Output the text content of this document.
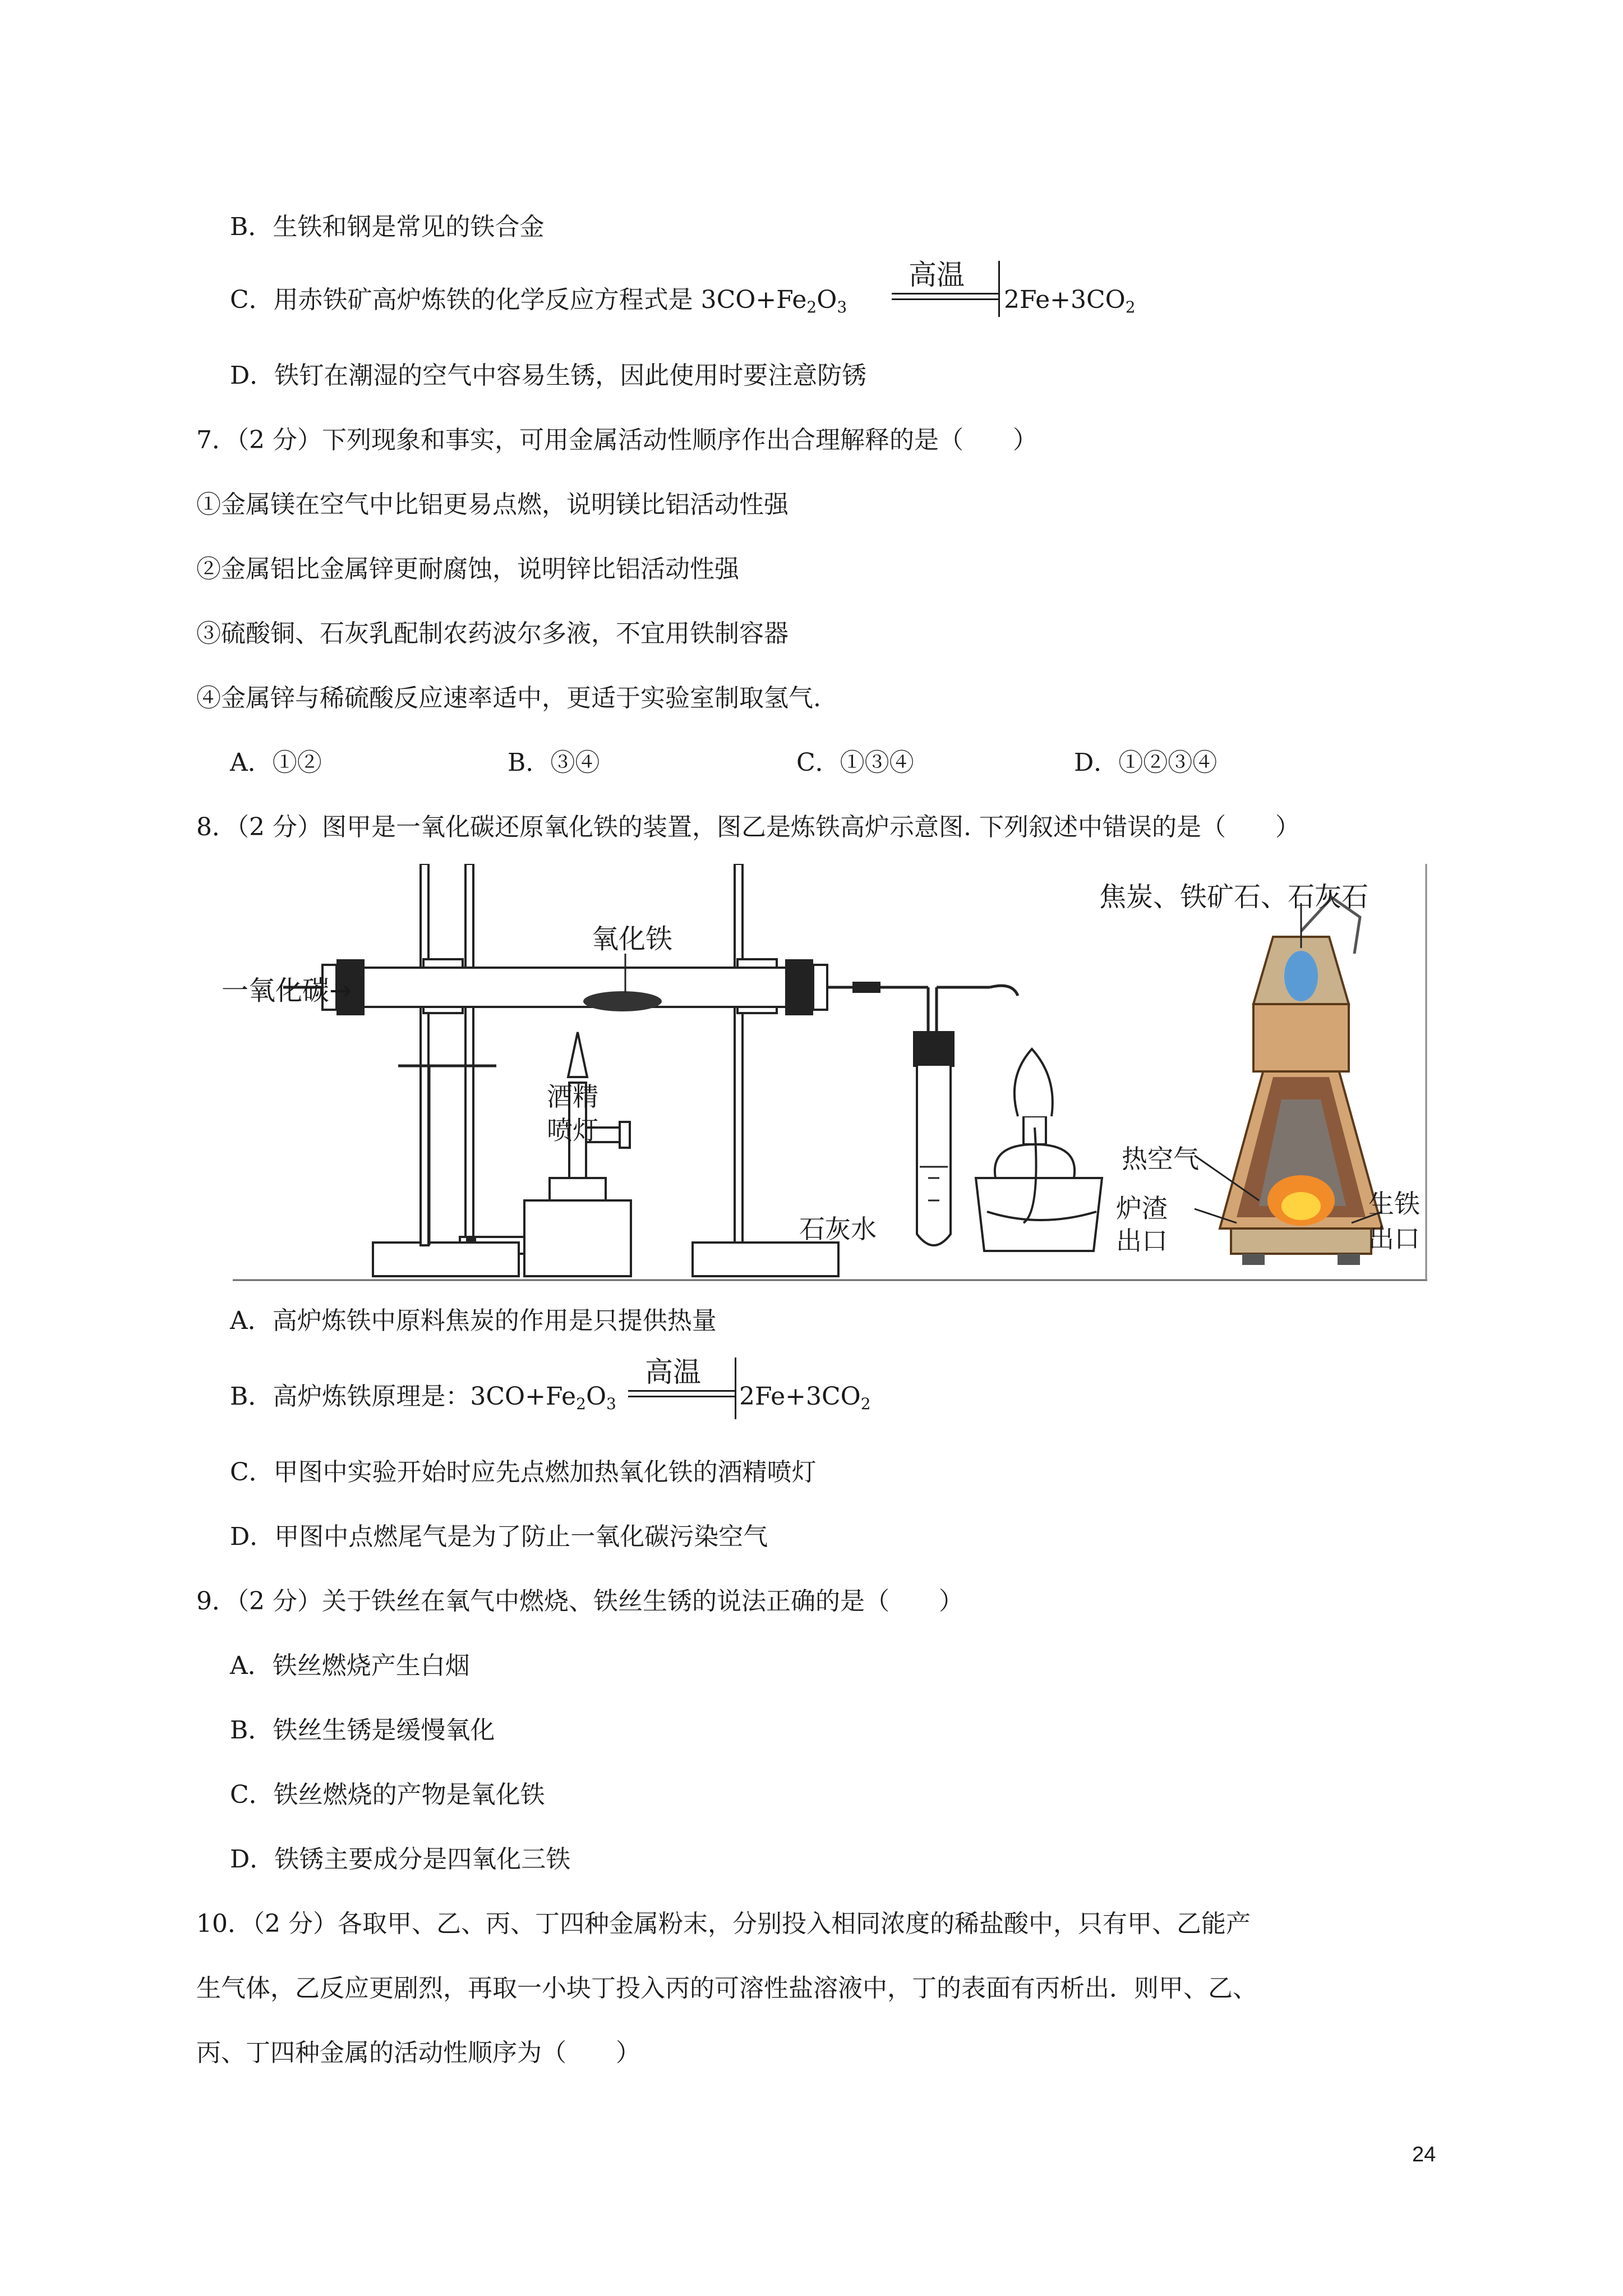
B．生铁和钢是常见的铁合金
C．用赤铁矿高炉炼铁的化学反应方程式是 $3CO+Fe_2O_3$
高温
$2Fe+3CO_2$
D．铁钉在潮湿的空气中容易生锈，因此使用时要注意防锈
7．（2 分）下列现象和事实，可用金属活动性顺序作出合理解释的是（　　）
①金属镁在空气中比铝更易点燃，说明镁比铝活动性强
②金属铝比金属锌更耐腐蚀，说明锌比铝活动性强
③硫酸铜、石灰乳配制农药波尔多液，不宜用铁制容器
④金属锌与稀硫酸反应速率适中，更适于实验室制取氢气.
A．①②	B．③④	C．①③④	D．①②③④
8．（2 分）图甲是一氧化碳还原氧化铁的装置，图乙是炼铁高炉示意图. 下列叙述中错误的是（　　）
一氧化碳→
氧化铁
酒精
喷灯
石灰水
焦炭、铁矿石、石灰石
热空气
炉渣
出口
生铁
出口
A．高炉炼铁中原料焦炭的作用是只提供热量
B．高炉炼铁原理是：$3CO+Fe_2O_3$
高温
$2Fe+3CO_2$
C．甲图中实验开始时应先点燃加热氧化铁的酒精喷灯
D．甲图中点燃尾气是为了防止一氧化碳污染空气
9．（2 分）关于铁丝在氧气中燃烧、铁丝生锈的说法正确的是（　　）
A．铁丝燃烧产生白烟
B．铁丝生锈是缓慢氧化
C．铁丝燃烧的产物是氧化铁
D．铁锈主要成分是四氧化三铁
10．（2 分）各取甲、乙、丙、丁四种金属粉末，分别投入相同浓度的稀盐酸中，只有甲、乙能产
生气体，乙反应更剧烈，再取一小块丁投入丙的可溶性盐溶液中，丁的表面有丙析出．则甲、乙、
丙、丁四种金属的活动性顺序为（　　）
24
